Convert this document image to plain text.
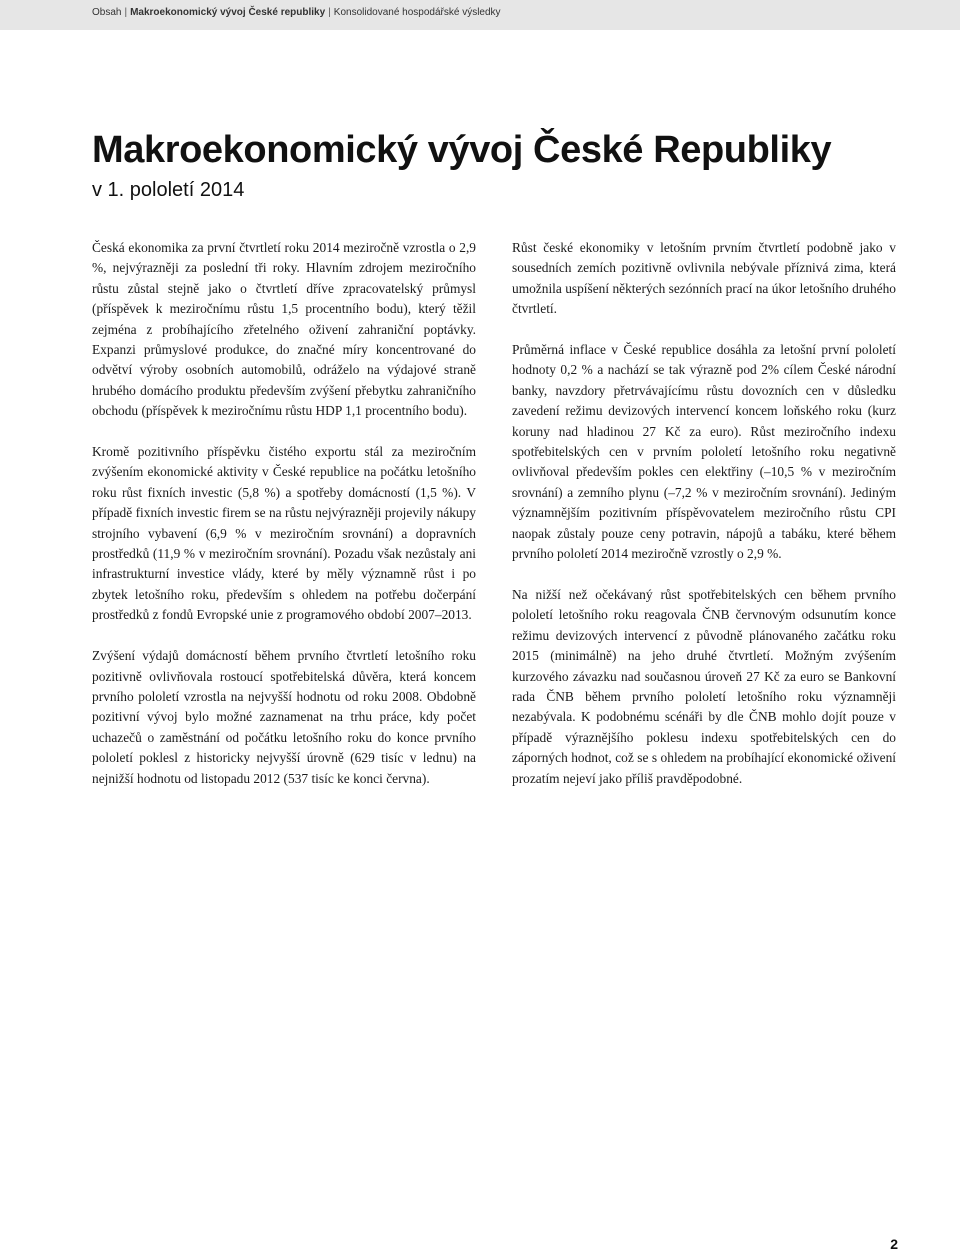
Obsah | Makroekonomický vývoj České republiky | Konsolidované hospodářské výsledky
Makroekonomický vývoj České Republiky
v 1. pololetí 2014

Česká ekonomika za první čtvrtletí roku 2014 meziročně vzrostla o 2,9 %, nejvýrazněji za poslední tři roky. Hlavním zdrojem meziročního růstu zůstal stejně jako o čtvrtletí dříve zpracovatelský průmysl (příspěvek k meziročnímu růstu 1,5 procentního bodu), který těžil zejména z probíhajícího zřetelného oživení zahraniční poptávky. Expanzi průmyslové produkce, do značné míry koncentrované do odvětví výroby osobních automobilů, odráželo na výdajové straně hrubého domácího produktu především zvýšení přebytku zahraničního obchodu (příspěvek k meziročnímu růstu HDP 1,1 procentního bodu).

Kromě pozitivního příspěvku čistého exportu stál za meziročním zvýšením ekonomické aktivity v České republice na počátku letošního roku růst fixních investic (5,8 %) a spotřeby domácností (1,5 %). V případě fixních investic firem se na růstu nejvýrazněji projevily nákupy strojního vybavení (6,9 % v meziročním srovnání) a dopravních prostředků (11,9 % v meziročním srovnání). Pozadu však nezůstaly ani infrastrukturní investice vlády, které by měly významně růst i po zbytek letošního roku, především s ohledem na potřebu dočerpání prostředků z fondů Evropské unie z programového období 2007–2013.

Zvýšení výdajů domácností během prvního čtvrtletí letošního roku pozitivně ovlivňovala rostoucí spotřebitelská důvěra, která koncem prvního pololetí vzrostla na nejvyšší hodnotu od roku 2008. Obdobně pozitivní vývoj bylo možné zaznamenat na trhu práce, kdy počet uchazečů o zaměstnání od počátku letošního roku do konce prvního pololetí poklesl z historicky nejvyšší úrovně (629 tisíc v lednu) na nejnižší hodnotu od listopadu 2012 (537 tisíc ke konci června).

Růst české ekonomiky v letošním prvním čtvrtletí podobně jako v sousedních zemích pozitivně ovlivnila nebývale příznivá zima, která umožnila uspíšení některých sezónních prací na úkor letošního druhého čtvrtletí.

Průměrná inflace v České republice dosáhla za letošní první pololetí hodnoty 0,2 % a nachází se tak výrazně pod 2% cílem České národní banky, navzdory přetrvávajícímu růstu dovozních cen v důsledku zavedení režimu devizových intervencí koncem loňského roku (kurz koruny nad hladinou 27 Kč za euro). Růst meziročního indexu spotřebitelských cen v prvním pololetí letošního roku negativně ovlivňoval především pokles cen elektřiny (–10,5 % v meziročním srovnání) a zemního plynu (–7,2 % v meziročním srovnání). Jediným významnějším pozitivním příspěvovatelem meziročního růstu CPI naopak zůstaly pouze ceny potravin, nápojů a tabáku, které během prvního pololetí 2014 meziročně vzrostly o 2,9 %.

Na nižší než očekávaný růst spotřebitelských cen během prvního pololetí letošního roku reagovala ČNB červnovým odsunutím konce režimu devizových intervencí z původně plánovaného začátku roku 2015 (minimálně) na jeho druhé čtvrtletí. Možným zvýšením kurzového závazku nad současnou úroveň 27 Kč za euro se Bankovní rada ČNB během prvního pololetí letošního roku významněji nezabývala. K podobnému scénáři by dle ČNB mohlo dojít pouze v případě výraznějšího poklesu indexu spotřebitelských cen do záporných hodnot, což se s ohledem na probíhající ekonomické oživení prozatím nejeví jako příliš pravděpodobné.

2
